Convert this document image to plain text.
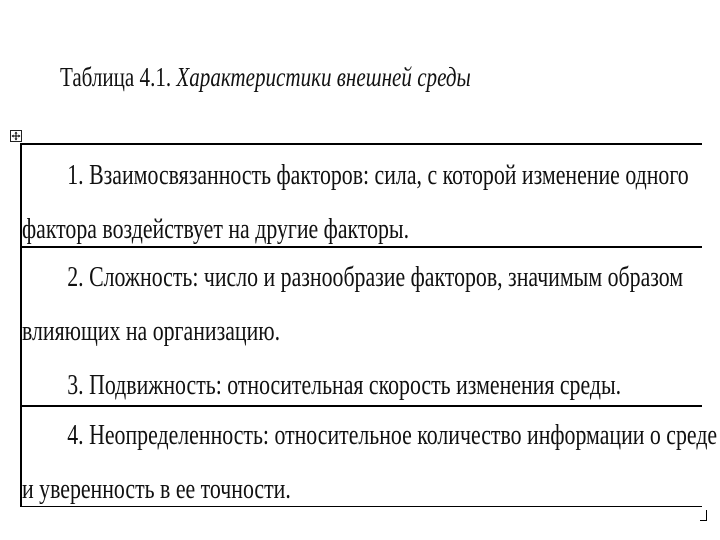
Таблица 4.1. Характеристики внешней среды
1. Взаимосвязанность факторов: сила, с которой изменение одного
фактора воздействует на другие факторы.
2. Сложность: число и разнообразие факторов, значимым образом
влияющих на организацию.
3. Подвижность: относительная скорость изменения среды.
4. Неопределенность: относительное количество информации о среде
и уверенность в ее точности.
